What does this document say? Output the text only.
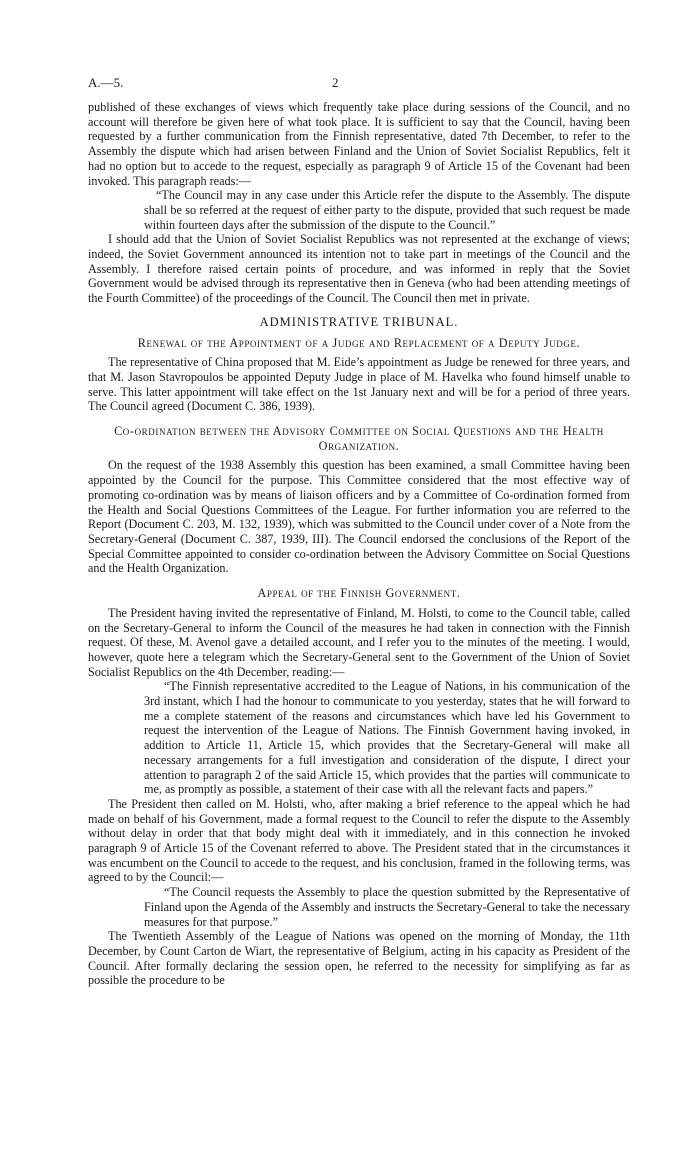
A.—5.	2

published of these exchanges of views which frequently take place during sessions of the Council, and no account will therefore be given here of what took place. It is sufficient to say that the Council, having been requested by a further communication from the Finnish representative, dated 7th December, to refer to the Assembly the dispute which had arisen between Finland and the Union of Soviet Socialist Republics, felt it had no option but to accede to the request, especially as paragraph 9 of Article 15 of the Covenant had been invoked. This paragraph reads:—

“The Council may in any case under this Article refer the dispute to the Assembly. The dispute shall be so referred at the request of either party to the dispute, provided that such request be made within fourteen days after the submission of the dispute to the Council.”

I should add that the Union of Soviet Socialist Republics was not represented at the exchange of views; indeed, the Soviet Government announced its intention not to take part in meetings of the Council and the Assembly. I therefore raised certain points of procedure, and was informed in reply that the Soviet Government would be advised through its representative then in Geneva (who had been attending meetings of the Fourth Committee) of the proceedings of the Council. The Council then met in private.

ADMINISTRATIVE TRIBUNAL.
Renewal of the Appointment of a Judge and Replacement of a Deputy Judge.

The representative of China proposed that M. Eide’s appointment as Judge be renewed for three years, and that M. Jason Stavropoulos be appointed Deputy Judge in place of M. Havelka who found himself unable to serve. This latter appointment will take effect on the 1st January next and will be for a period of three years. The Council agreed (Document C. 386, 1939).

Co-ordination between the Advisory Committee on Social Questions and the Health Organization.

On the request of the 1938 Assembly this question has been examined, a small Committee having been appointed by the Council for the purpose. This Committee considered that the most effective way of promoting co-ordination was by means of liaison officers and by a Committee of Co-ordination formed from the Health and Social Questions Committees of the League. For further information you are referred to the Report (Document C. 203, M. 132, 1939), which was submitted to the Council under cover of a Note from the Secretary-General (Document C. 387, 1939, III). The Council endorsed the conclusions of the Report of the Special Committee appointed to consider co-ordination between the Advisory Committee on Social Questions and the Health Organization.

Appeal of the Finnish Government.

The President having invited the representative of Finland, M. Holsti, to come to the Council table, called on the Secretary-General to inform the Council of the measures he had taken in connection with the Finnish request. Of these, M. Avenol gave a detailed account, and I refer you to the minutes of the meeting. I would, however, quote here a telegram which the Secretary-General sent to the Government of the Union of Soviet Socialist Republics on the 4th December, reading:—

“The Finnish representative accredited to the League of Nations, in his communication of the 3rd instant, which I had the honour to communicate to you yesterday, states that he will forward to me a complete statement of the reasons and circumstances which have led his Government to request the intervention of the League of Nations. The Finnish Government having invoked, in addition to Article 11, Article 15, which provides that the Secretary-General will make all necessary arrangements for a full investigation and consideration of the dispute, I direct your attention to paragraph 2 of the said Article 15, which provides that the parties will communicate to me, as promptly as possible, a statement of their case with all the relevant facts and papers.”

The President then called on M. Holsti, who, after making a brief reference to the appeal which he had made on behalf of his Government, made a formal request to the Council to refer the dispute to the Assembly without delay in order that that body might deal with it immediately, and in this connection he invoked paragraph 9 of Article 15 of the Covenant referred to above. The President stated that in the circumstances it was encumbent on the Council to accede to the request, and his conclusion, framed in the following terms, was agreed to by the Council:—

“The Council requests the Assembly to place the question submitted by the Representative of Finland upon the Agenda of the Assembly and instructs the Secretary-General to take the necessary measures for that purpose.”

The Twentieth Assembly of the League of Nations was opened on the morning of Monday, the 11th December, by Count Carton de Wiart, the representative of Belgium, acting in his capacity as President of the Council. After formally declaring the session open, he referred to the necessity for simplifying as far as possible the procedure to be
